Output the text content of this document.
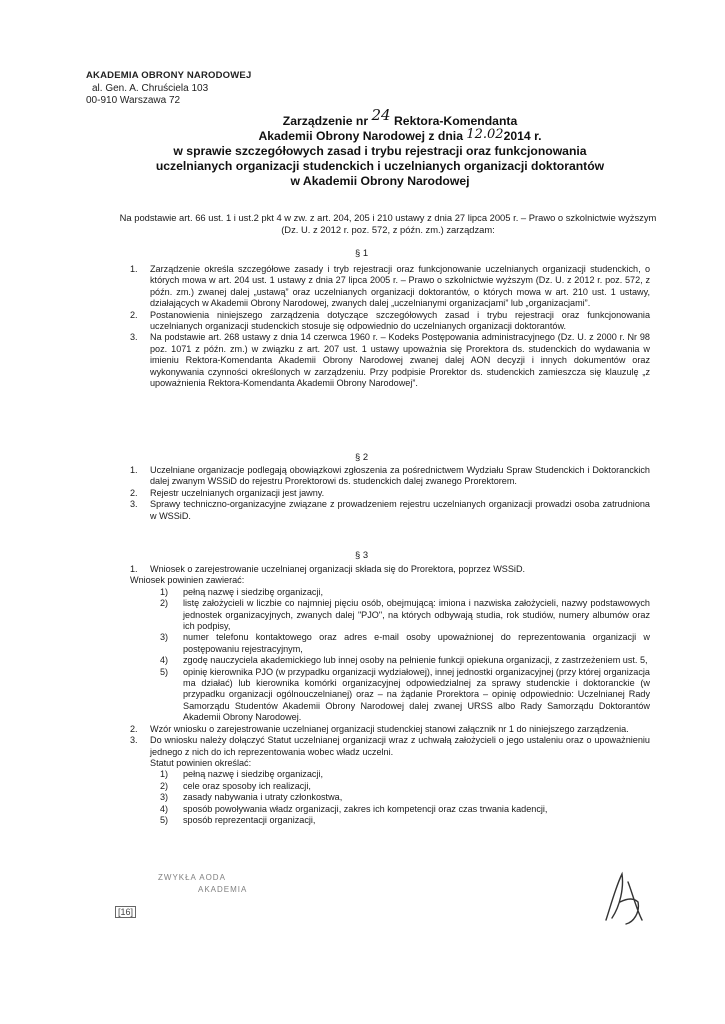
AKADEMIA OBRONY NARODOWEJ
al. Gen. A. Chruściela 103
00-910 Warszawa 72
Zarządzenie nr 24 Rektora-Komendanta
Akademii Obrony Narodowej z dnia 12.022014 r.
w sprawie szczegółowych zasad i trybu rejestracji oraz funkcjonowania
uczelnianych organizacji studenckich i uczelnianych organizacji doktorantów
w Akademii Obrony Narodowej
Na podstawie art. 66 ust. 1 i ust.2 pkt 4 w zw. z art. 204, 205 i 210 ustawy z dnia 27 lipca 2005 r. – Prawo o szkolnictwie wyższym (Dz. U. z 2012 r. poz. 572, z późn. zm.) zarządzam:
§ 1
1. Zarządzenie określa szczegółowe zasady i tryb rejestracji oraz funkcjonowanie uczelnianych organizacji studenckich, o których mowa w art. 204 ust. 1 ustawy z dnia 27 lipca 2005 r. – Prawo o szkolnictwie wyższym (Dz. U. z 2012 r. poz. 572, z późn. zm.) zwanej dalej „ustawą” oraz uczelnianych organizacji doktorantów, o których mowa w art. 210 ust. 1 ustawy, działających w Akademii Obrony Narodowej, zwanych dalej „uczelnianymi organizacjami” lub „organizacjami”.
2. Postanowienia niniejszego zarządzenia dotyczące szczegółowych zasad i trybu rejestracji oraz funkcjonowania uczelnianych organizacji studenckich stosuje się odpowiednio do uczelnianych organizacji doktorantów.
3. Na podstawie art. 268 ustawy z dnia 14 czerwca 1960 r. – Kodeks Postępowania administracyjnego (Dz. U. z 2000 r. Nr 98 poz. 1071 z późn. zm.) w związku z art. 207 ust. 1 ustawy upoważnia się Prorektora ds. studenckich do wydawania w imieniu Rektora-Komendanta Akademii Obrony Narodowej zwanej dalej AON decyzji i innych dokumentów oraz wykonywania czynności określonych w zarządzeniu. Przy podpisie Prorektor ds. studenckich zamieszcza się klauzulę „z upoważnienia Rektora-Komendanta Akademii Obrony Narodowej”.
§ 2
1. Uczelniane organizacje podlegają obowiązkowi zgłoszenia za pośrednictwem Wydziału Spraw Studenckich i Doktoranckich dalej zwanym WSSiD do rejestru Prorektorowi ds. studenckich dalej zwanego Prorektorem.
2. Rejestr uczelnianych organizacji jest jawny.
3. Sprawy techniczno-organizacyjne związane z prowadzeniem rejestru uczelnianych organizacji prowadzi osoba zatrudniona w WSSiD.
§ 3
1. Wniosek o zarejestrowanie uczelnianej organizacji składa się do Prorektora, poprzez WSSiD.
Wniosek powinien zawierać:
1) pełną nazwę i siedzibę organizacji,
2) listę założycieli w liczbie co najmniej pięciu osób, obejmującą: imiona i nazwiska założycieli, nazwy podstawowych jednostek organizacyjnych, zwanych dalej "PJO", na których odbywają studia, rok studiów, numery albumów oraz ich podpisy,
3) numer telefonu kontaktowego oraz adres e-mail osoby upoważnionej do reprezentowania organizacji w postępowaniu rejestracyjnym,
4) zgodę nauczyciela akademickiego lub innej osoby na pełnienie funkcji opiekuna organizacji, z zastrzeżeniem ust. 5,
5) opinię kierownika PJO (w przypadku organizacji wydziałowej), innej jednostki organizacyjnej (przy której organizacja ma działać) lub kierownika komórki organizacyjnej odpowiedzialnej za sprawy studenckie i doktoranckie (w przypadku organizacji ogólnouczelnianej) oraz – na żądanie Prorektora – opinię odpowiednio: Uczelnianej Rady Samorządu Studentów Akademii Obrony Narodowej dalej zwanej URSS albo Rady Samorządu Doktorantów Akademii Obrony Narodowej.
2. Wzór wniosku o zarejestrowanie uczelnianej organizacji studenckiej stanowi załącznik nr 1 do niniejszego zarządzenia.
3. Do wniosku należy dołączyć Statut uczelnianej organizacji wraz z uchwałą założycieli o jego ustaleniu oraz o upoważnieniu jednego z nich do ich reprezentowania wobec władz uczelni.
Statut powinien określać:
1) pełną nazwę i siedzibę organizacji,
2) cele oraz sposoby ich realizacji,
3) zasady nabywania i utraty członkostwa,
4) sposób powoływania władz organizacji, zakres ich kompetencji oraz czas trwania kadencji,
5) sposób reprezentacji organizacji,
ZWYKŁA AODA
AKADEMIA
[16]
